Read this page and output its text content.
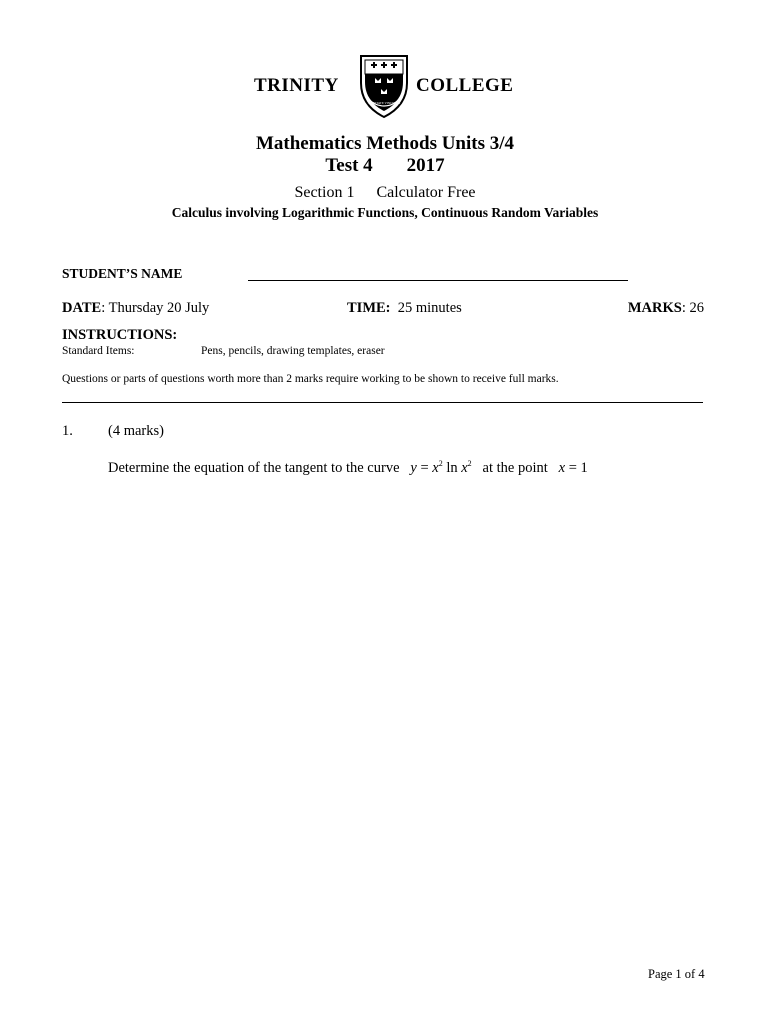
TRINITY
TRINITATE VINCIMUS
COLLEGE
Mathematics Methods Units 3/4
Test 4 2017
Section 1 Calculator Free
Calculus involving Logarithmic Functions, Continuous Random Variables
STUDENT’S NAME
DATE: Thursday 20 July	TIME: 25 minutes	MARKS: 26
INSTRUCTIONS:
Standard Items:	Pens, pencils, drawing templates, eraser
Questions or parts of questions worth more than 2 marks require working to be shown to receive full marks.
1. (4 marks)
Determine the equation of the tangent to the curve $y = x^2$ $\ln x^2$ at the point x = 1
Page 1 of 4
